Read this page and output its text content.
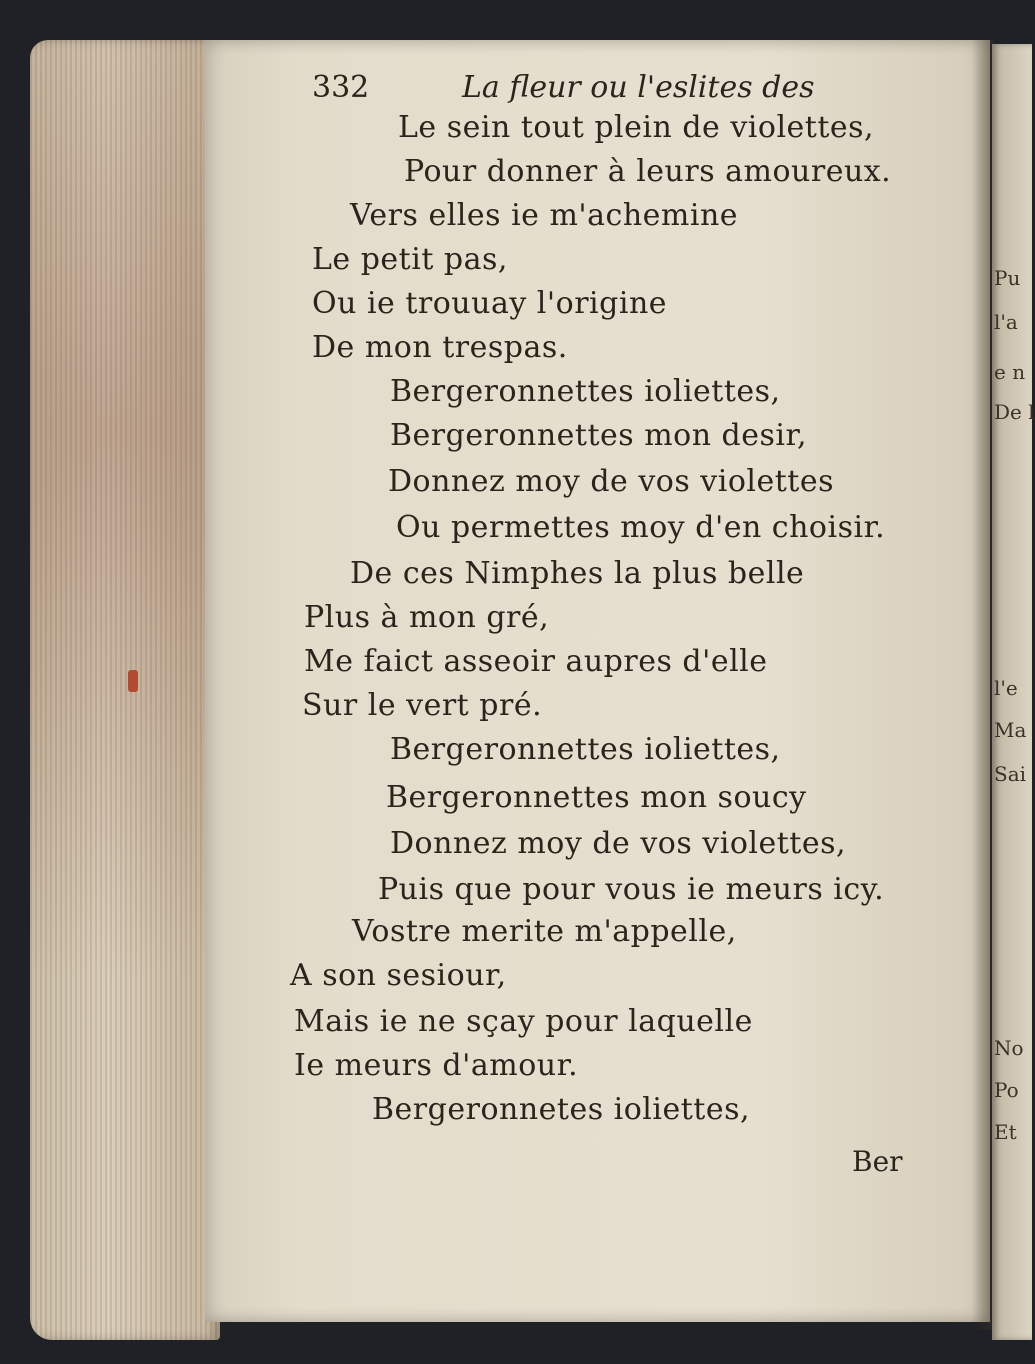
332	La fleur ou l'eslites des
Le sein tout plein de violettes,
Pour donner à leurs amoureux.
Vers elles ie m'achemine
Le petit pas,
Ou ie trouuay l'origine
De mon trespas.
Bergeronnettes ioliettes,
Bergeronnettes mon desir,
Donnez moy de vos violettes
Ou permettes moy d'en choisir.
De ces Nimphes la plus belle
Plus à mon gré,
Me faict asseoir aupres d'elle
Sur le vert pré.
Bergeronnettes ioliettes,
Bergeronnettes mon soucy
Donnez moy de vos violettes,
Puis que pour vous ie meurs icy.
Vostre merite m'appelle,
A son sesiour,
Mais ie ne sçay pour laquelle
Ie meurs d'amour.
Bergeronnetes ioliettes,
Ber
Pu
l'a
e n
De l
l'e
Ma
Sai
No
Po
Et
